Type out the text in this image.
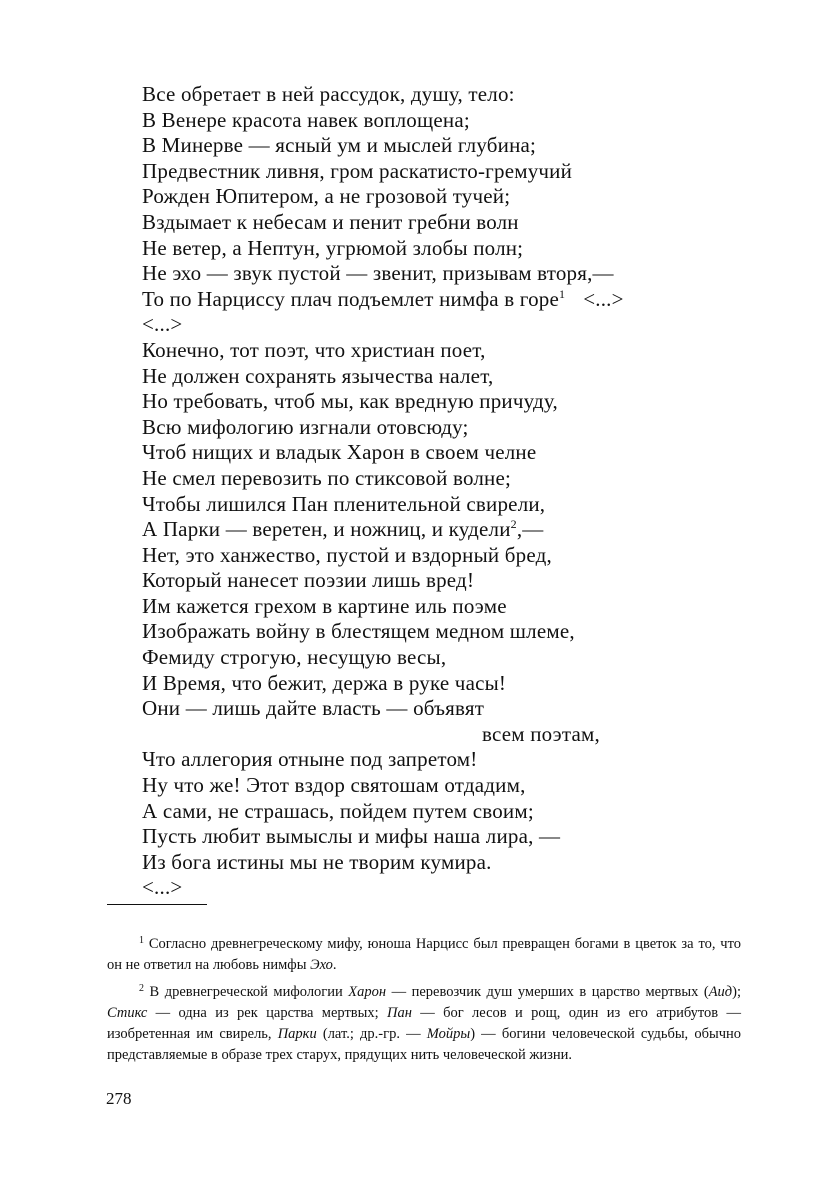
Все обретает в ней рассудок, душу, тело:
В Венере красота навек воплощена;
В Минерве — ясный ум и мыслей глубина;
Предвестник ливня, гром раскатисто-гремучий
Рожден Юпитером, а не грозовой тучей;
Вздымает к небесам и пенит гребни волн
Не ветер, а Нептун, угрюмой злобы полн;
Не эхо — звук пустой — звенит, призывам вторя,—
То по Нарциссу плач подъемлет нимфа в горе$^1$ <...>
<...>
Конечно, тот поэт, что христиан поет,
Не должен сохранять язычества налет,
Но требовать, чтоб мы, как вредную причуду,
Всю мифологию изгнали отовсюду;
Чтоб нищих и владык Харон в своем челне
Не смел перевозить по стиксовой волне;
Чтобы лишился Пан пленительной свирели,
А Парки — веретен, и ножниц, и кудели$^2$,—
Нет, это ханжество, пустой и вздорный бред,
Который нанесет поэзии лишь вред!
Им кажется грехом в картине иль поэме
Изображать войну в блестящем медном шлеме,
Фемиду строгую, несущую весы,
И Время, что бежит, держа в руке часы!
Они — лишь дайте власть — объявят
всем поэтам,
Что аллегория отныне под запретом!
Ну что же! Этот вздор святошам отдадим,
А сами, не страшась, пойдем путем своим;
Пусть любит вымыслы и мифы наша лира, —
Из бога истины мы не творим кумира.
<...>

$^1$ Согласно древнегреческому мифу, юноша Нарцисс был превращен богами в цветок за то, что он не ответил на любовь нимфы Эхо.

$^2$ В древнегреческой мифологии Харон — перевозчик душ умерших в царство мертвых (Аид); Стикс — одна из рек царства мертвых; Пан — бог лесов и рощ, один из его атрибутов — изобретенная им свирель, Парки (лат.; др.-гр. — Мойры) — богини человеческой судьбы, обычно представляемые в образе трех старух, прядущих нить человеческой жизни.

278
